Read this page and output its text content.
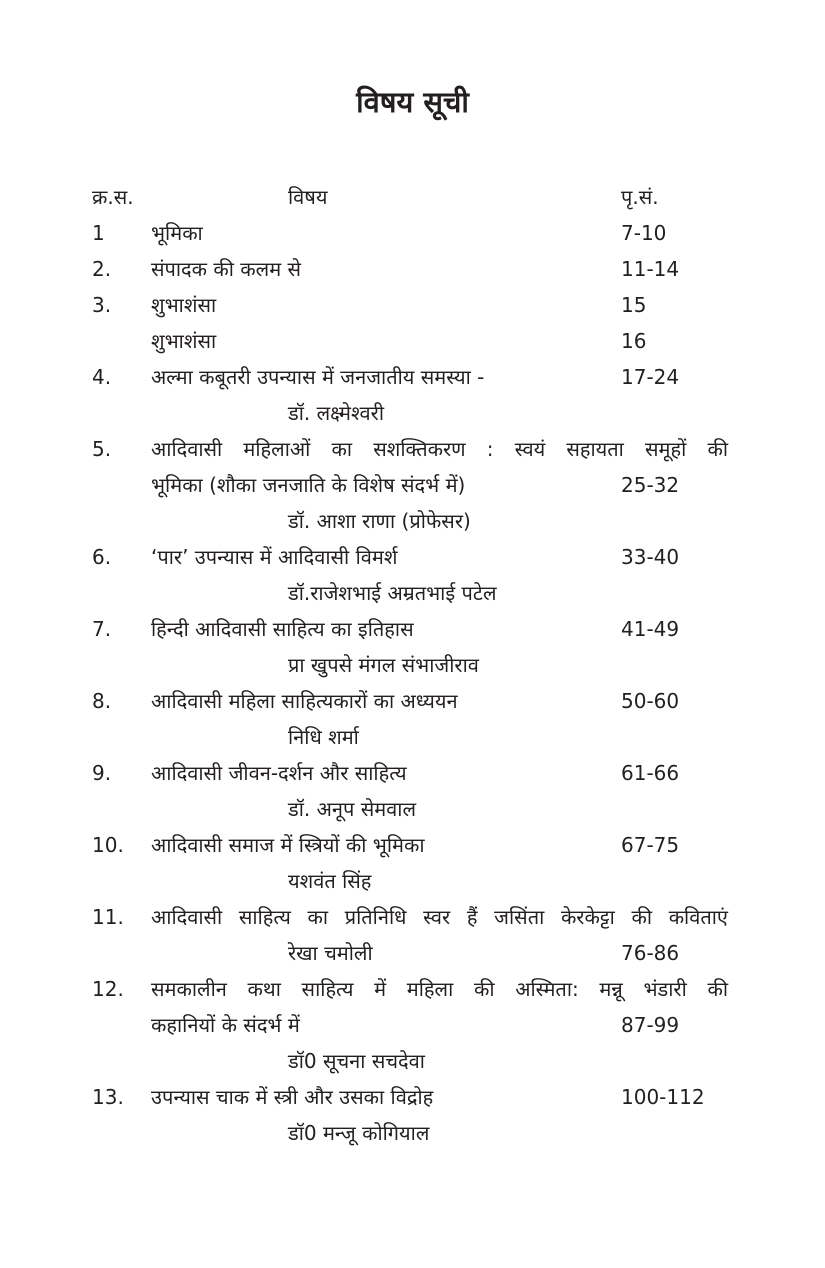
विषय सूची
क्र.स.	विषय	पृ.सं.
1 भूमिका	7-10
2. संपादक की कलम से	11-14
3. शुभाशंसा	15
शुभाशंसा	16
4. अल्मा कबूतरी उपन्यास में जनजातीय समस्या -	17-24
डॉ. लक्ष्मेश्वरी
5. आदिवासी महिलाओं का सशक्तिकरण : स्वयं सहायता समूहों की
भूमिका (शौका जनजाति के विशेष संदर्भ में)	25-32
डॉ. आशा राणा (प्रोफेसर)
6. ‘पार’ उपन्यास में आदिवासी विमर्श	33-40
डॉ.राजेशभाई अम्रतभाई पटेल
7. हिन्दी आदिवासी साहित्य का इतिहास	41-49
प्रा खुपसे मंगल संभाजीराव
8. आदिवासी महिला साहित्यकारों का अध्ययन	50-60
निधि शर्मा
9. आदिवासी जीवन-दर्शन और साहित्य	61-66
डॉ. अनूप सेमवाल
10. आदिवासी समाज में स्त्रियों की भूमिका	67-75
यशवंत सिंह
11. आदिवासी साहित्य का प्रतिनिधि स्वर हैं जसिंता केरकेट्टा की कविताएं
रेखा चमोली	76-86
12. समकालीन कथा साहित्य में महिला की अस्मिता: मन्नू भंडारी की
कहानियों के संदर्भ में	87-99
डॉ0 सूचना सचदेवा
13. उपन्यास चाक में स्त्री और उसका विद्रोह	100-112
डॉ0 मन्जू कोगियाल
